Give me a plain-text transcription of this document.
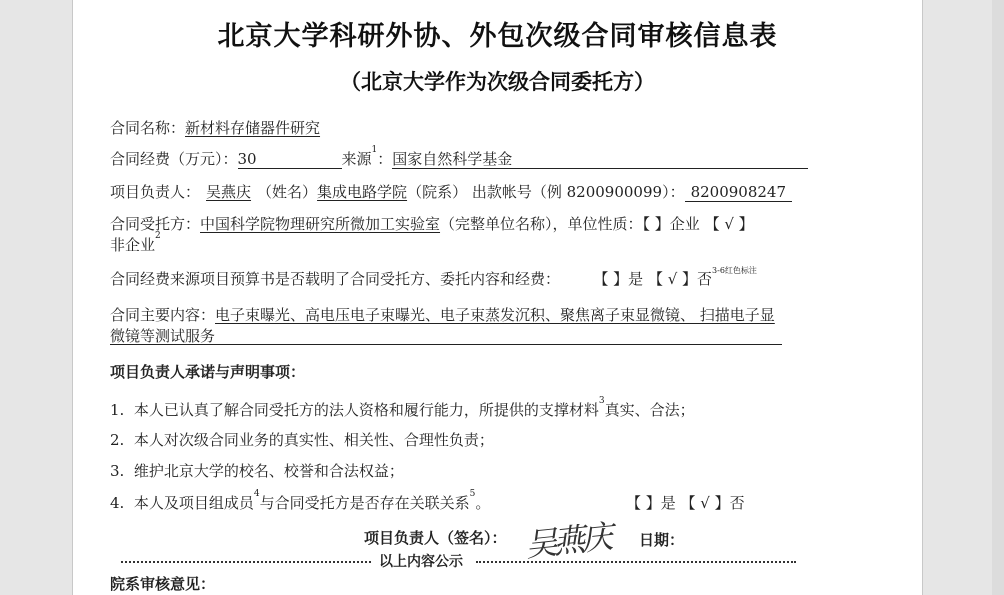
北京大学科研外协、外包次级合同审核信息表
（北京大学作为次级合同委托方）
合同名称：新材料存储器件研究
合同经费（万元）：30	来源$^1$：国家自然科学基金
项目负责人： 吴燕庆 （姓名）集成电路学院（院系） 出款帐号（例 8200900099）： 8200908247
合同受托方：中国科学院物理研究所微加工实验室（完整单位名称），单位性质：【 】企业 【 √ 】
非企业$^2$
合同经费来源项目预算书是否载明了合同受托方、委托内容和经费： 【 】是 【 √ 】否$^{3-6红色标注}$
合同主要内容：电子束曝光、高电压电子束曝光、电子束蒸发沉积、聚焦离子束显微镜、 扫描电子显
微镜等测试服务
项目负责人承诺与声明事项：
1. 本人已认真了解合同受托方的法人资格和履行能力，所提供的支撑材料$^3$真实、合法；
2. 本人对次级合同业务的真实性、相关性、合理性负责；
3. 维护北京大学的校名、校誉和合法权益；
4. 本人及项目组成员$^4$与合同受托方是否存在关联关系$^5$。	【 】是 【 √ 】否
项目负责人（签名）： 吴燕庆 日期：
以上内容公示
院系审核意见：
